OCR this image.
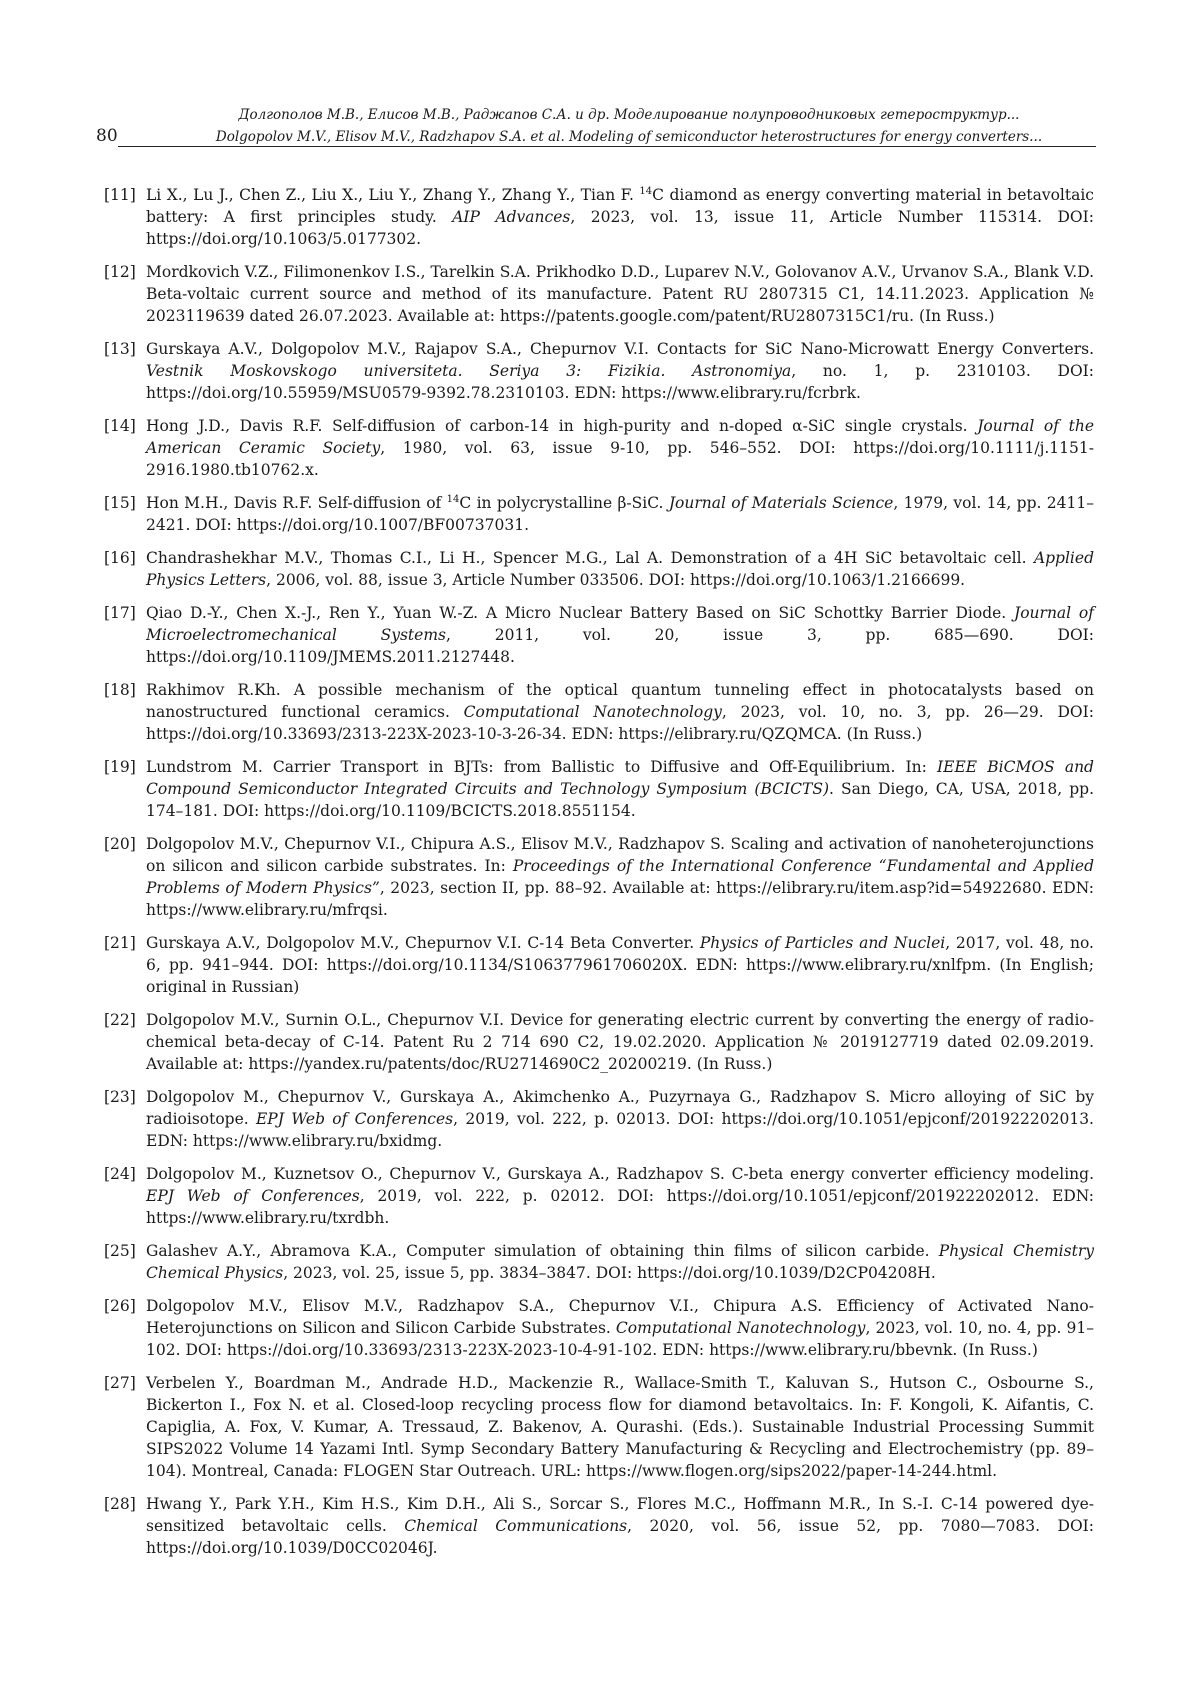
80
Долгополов М.В., Елисов М.В., Раджапов С.А. и др. Моделирование полупроводниковых гетероструктур...
Dolgopolov M.V., Elisov M.V., Radzhapov S.A. et al. Modeling of semiconductor heterostructures for energy converters...
[11] Li X., Lu J., Chen Z., Liu X., Liu Y., Zhang Y., Zhang Y., Tian F. $^{14}$C diamond as energy converting material in betavoltaic battery: A first principles study. AIP Advances, 2023, vol. 13, issue 11, Article Number 115314. DOI: https://doi.org/10.1063/5.0177302.
[12] Mordkovich V.Z., Filimonenkov I.S., Tarelkin S.A. Prikhodko D.D., Luparev N.V., Golovanov A.V., Urvanov S.A., Blank V.D. Beta-voltaic current source and method of its manufacture. Patent RU 2807315 C1, 14.11.2023. Application № 2023119639 dated 26.07.2023. Available at: https://patents.google.com/patent/RU2807315C1/ru. (In Russ.)
[13] Gurskaya A.V., Dolgopolov M.V., Rajapov S.A., Chepurnov V.I. Contacts for SiC Nano-Microwatt Energy Converters. Vestnik Moskovskogo universiteta. Seriya 3: Fizikia. Astronomiya, no. 1, p. 2310103. DOI: https://doi.org/10.55959/MSU0579-9392.78.2310103. EDN: https://www.elibrary.ru/fcrbrk.
[14] Hong J.D., Davis R.F. Self-diffusion of carbon-14 in high-purity and n-doped α-SiC single crystals. Journal of the American Ceramic Society, 1980, vol. 63, issue 9-10, pp. 546–552. DOI: https://doi.org/10.1111/j.1151-2916.1980.tb10762.x.
[15] Hon M.H., Davis R.F. Self-diffusion of $^{14}$C in polycrystalline β-SiC. Journal of Materials Science, 1979, vol. 14, pp. 2411–2421. DOI: https://doi.org/10.1007/BF00737031.
[16] Chandrashekhar M.V., Thomas C.I., Li H., Spencer M.G., Lal A. Demonstration of a 4H SiC betavoltaic cell. Applied Physics Letters, 2006, vol. 88, issue 3, Article Number 033506. DOI: https://doi.org/10.1063/1.2166699.
[17] Qiao D.-Y., Chen X.-J., Ren Y., Yuan W.-Z. A Micro Nuclear Battery Based on SiC Schottky Barrier Diode. Journal of Microelectromechanical Systems, 2011, vol. 20, issue 3, pp. 685—690. DOI: https://doi.org/10.1109/JMEMS.2011.2127448.
[18] Rakhimov R.Kh. A possible mechanism of the optical quantum tunneling effect in photocatalysts based on nanostructured functional ceramics. Computational Nanotechnology, 2023, vol. 10, no. 3, pp. 26—29. DOI: https://doi.org/10.33693/2313-223X-2023-10-3-26-34. EDN: https://elibrary.ru/QZQMCA. (In Russ.)
[19] Lundstrom M. Carrier Transport in BJTs: from Ballistic to Diffusive and Off-Equilibrium. In: IEEE BiCMOS and Compound Semiconductor Integrated Circuits and Technology Symposium (BCICTS). San Diego, CA, USA, 2018, pp. 174–181. DOI: https://doi.org/10.1109/BCICTS.2018.8551154.
[20] Dolgopolov M.V., Chepurnov V.I., Chipura A.S., Elisov M.V., Radzhapov S. Scaling and activation of nanoheterojunctions on silicon and silicon carbide substrates. In: Proceedings of the International Conference “Fundamental and Applied Problems of Modern Physics”, 2023, section II, pp. 88–92. Available at: https://elibrary.ru/item.asp?id=54922680. EDN: https://www.elibrary.ru/mfrqsi.
[21] Gurskaya A.V., Dolgopolov M.V., Chepurnov V.I. C-14 Beta Converter. Physics of Particles and Nuclei, 2017, vol. 48, no. 6, pp. 941–944. DOI: https://doi.org/10.1134/S106377961706020X. EDN: https://www.elibrary.ru/xnlfpm. (In English; original in Russian)
[22] Dolgopolov M.V., Surnin O.L., Chepurnov V.I. Device for generating electric current by converting the energy of radio-chemical beta-decay of C-14. Patent Ru 2 714 690 C2, 19.02.2020. Application № 2019127719 dated 02.09.2019. Available at: https://yandex.ru/patents/doc/RU2714690C2_20200219. (In Russ.)
[23] Dolgopolov M., Chepurnov V., Gurskaya A., Akimchenko A., Puzyrnaya G., Radzhapov S. Micro alloying of SiC by radioisotope. EPJ Web of Conferences, 2019, vol. 222, p. 02013. DOI: https://doi.org/10.1051/epjconf/201922202013. EDN: https://www.elibrary.ru/bxidmg.
[24] Dolgopolov M., Kuznetsov O., Chepurnov V., Gurskaya A., Radzhapov S. C-beta energy converter efficiency modeling. EPJ Web of Conferences, 2019, vol. 222, p. 02012. DOI: https://doi.org/10.1051/epjconf/201922202012. EDN: https://www.elibrary.ru/txrdbh.
[25] Galashev A.Y., Abramova K.A., Computer simulation of obtaining thin films of silicon carbide. Physical Chemistry Chemical Physics, 2023, vol. 25, issue 5, pp. 3834–3847. DOI: https://doi.org/10.1039/D2CP04208H.
[26] Dolgopolov M.V., Elisov M.V., Radzhapov S.A., Chepurnov V.I., Chipura A.S. Efficiency of Activated Nano-Heterojunctions on Silicon and Silicon Carbide Substrates. Computational Nanotechnology, 2023, vol. 10, no. 4, pp. 91–102. DOI: https://doi.org/10.33693/2313-223X-2023-10-4-91-102. EDN: https://www.elibrary.ru/bbevnk. (In Russ.)
[27] Verbelen Y., Boardman M., Andrade H.D., Mackenzie R., Wallace-Smith T., Kaluvan S., Hutson C., Osbourne S., Bickerton I., Fox N. et al. Closed-loop recycling process flow for diamond betavoltaics. In: F. Kongoli, K. Aifantis, C. Capiglia, A. Fox, V. Kumar, A. Tressaud, Z. Bakenov, A. Qurashi. (Eds.). Sustainable Industrial Processing Summit SIPS2022 Volume 14 Yazami Intl. Symp Secondary Battery Manufacturing & Recycling and Electrochemistry (pp. 89–104). Montreal, Canada: FLOGEN Star Outreach. URL: https://www.flogen.org/sips2022/paper-14-244.html.
[28] Hwang Y., Park Y.H., Kim H.S., Kim D.H., Ali S., Sorcar S., Flores M.C., Hoffmann M.R., In S.-I. C-14 powered dye-sensitized betavoltaic cells. Chemical Communications, 2020, vol. 56, issue 52, pp. 7080—7083. DOI: https://doi.org/10.1039/D0CC02046J.
